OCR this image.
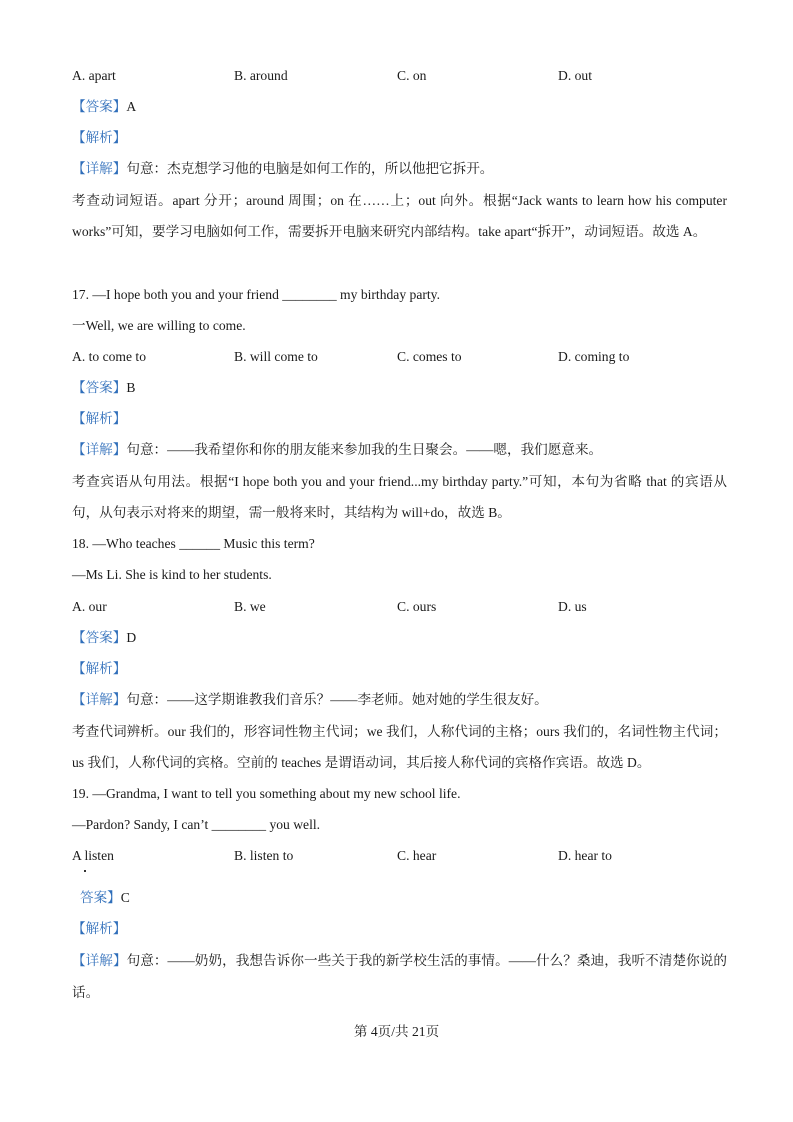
A. apart	B. around	C. on	D. out
【答案】A
【解析】
【详解】句意：杰克想学习他的电脑是如何工作的，所以他把它拆开。
考查动词短语。apart 分开；around 周围；on 在……上；out 向外。根据“Jack wants to learn how his computer works”可知，要学习电脑如何工作，需要拆开电脑来研究内部结构。take apart“拆开”，动词短语。故选 A。
17. —I hope both you and your friend ________ my birthday party.
一Well, we are willing to come.
A. to come to	B. will come to	C. comes to	D. coming to
【答案】B
【解析】
【详解】句意：——我希望你和你的朋友能来参加我的生日聚会。——嗯，我们愿意来。
考查宾语从句用法。根据“I hope both you and your friend...my birthday party.”可知，本句为省略 that 的宾语从句，从句表示对将来的期望，需一般将来时，其结构为 will+do，故选 B。
18. —Who teaches ______ Music this term?
—Ms Li. She is kind to her students.
A. our	B. we	C. ours	D. us
【答案】D
【解析】
【详解】句意：——这学期谁教我们音乐？——李老师。她对她的学生很友好。
考查代词辨析。our 我们的，形容词性物主代词；we 我们，人称代词的主格；ours 我们的，名词性物主代词；us 我们，人称代词的宾格。空前的 teaches 是谓语动词，其后接人称代词的宾格作宾语。故选 D。
19. —Grandma, I want to tell you something about my new school life.
—Pardon? Sandy, I can’t ________ you well.
A listen	B. listen to	C. hear	D. hear to
答案】C
【解析】
【详解】句意：——奶奶，我想告诉你一些关于我的新学校生活的事情。——什么？桑迪，我听不清楚你说的话。
第 4页/共 21页
